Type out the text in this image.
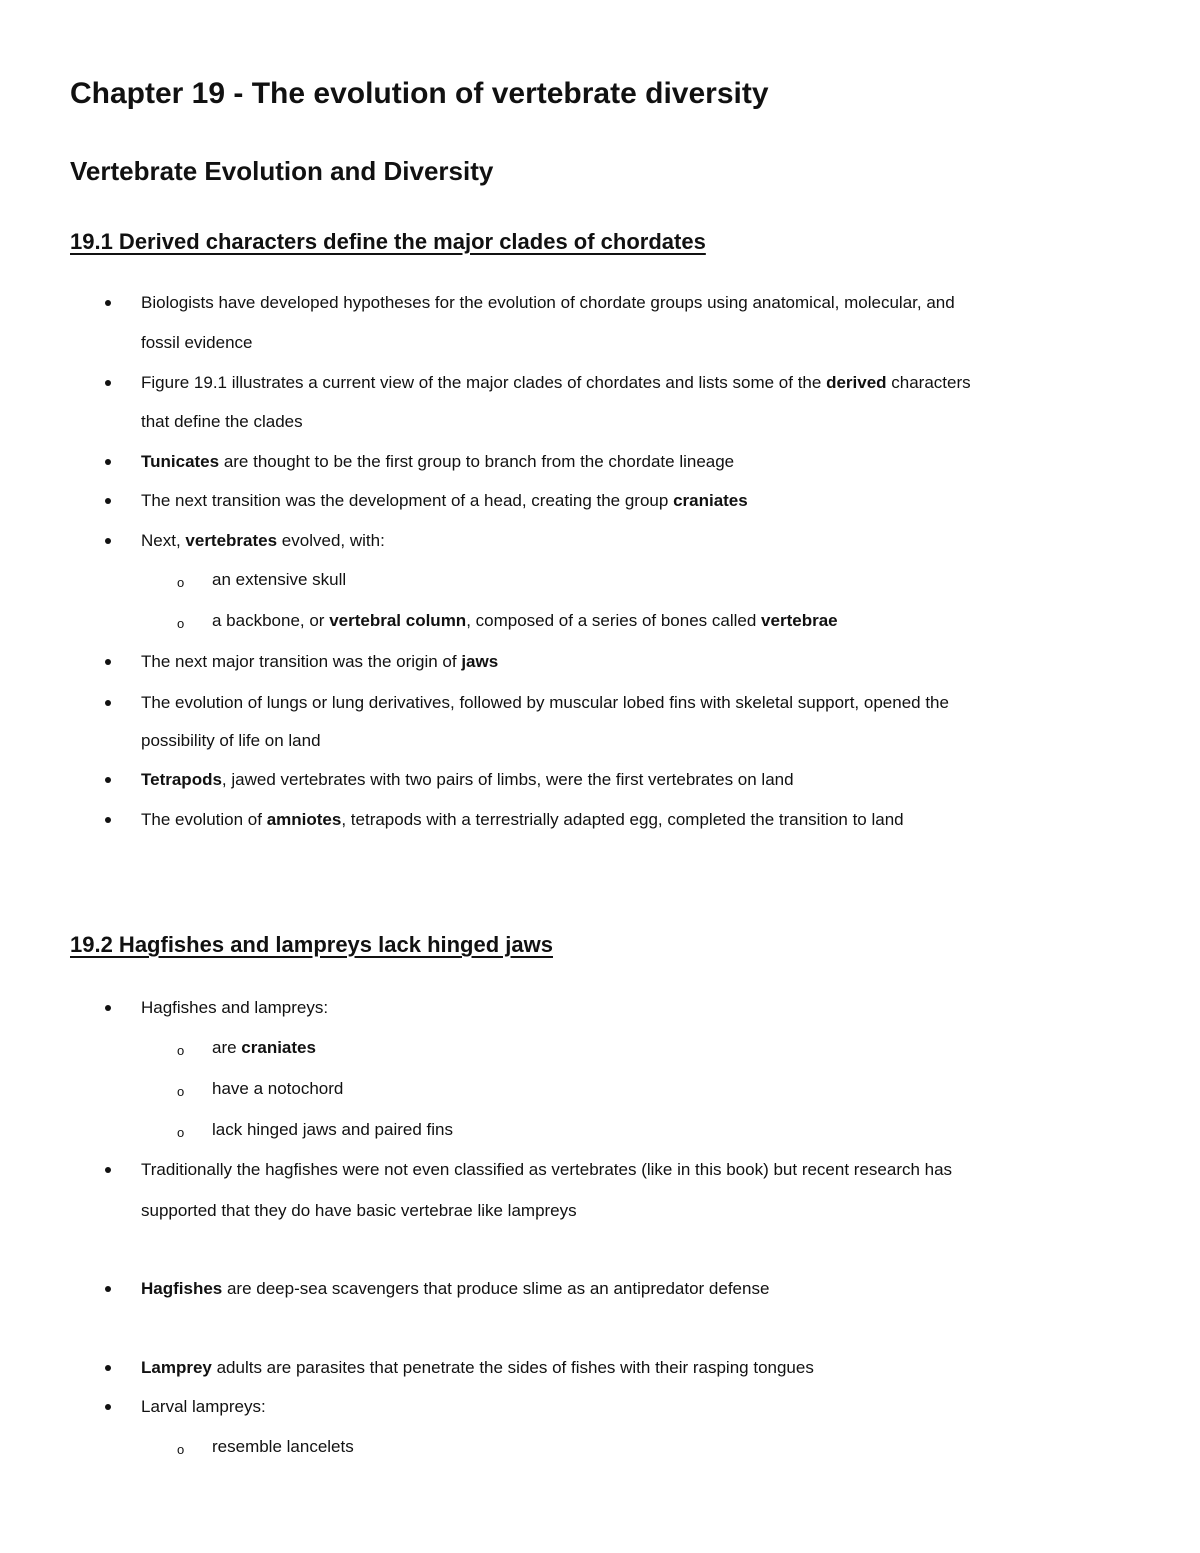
Chapter 19 - The evolution of vertebrate diversity
Vertebrate Evolution and Diversity
19.1 Derived characters define the major clades of chordates

Biologists have developed hypotheses for the evolution of chordate groups using anatomical, molecular, and

fossil evidence

Figure 19.1 illustrates a current view of the major clades of chordates and lists some of the derived characters

that define the clades

Tunicates are thought to be the first group to branch from the chordate lineage

The next transition was the development of a head, creating the group craniates

Next, vertebrates evolved, with:

o an extensive skull

o a backbone, or vertebral column, composed of a series of bones called vertebrae

The next major transition was the origin of jaws

The evolution of lungs or lung derivatives, followed by muscular lobed fins with skeletal support, opened the

possibility of life on land

Tetrapods, jawed vertebrates with two pairs of limbs, were the first vertebrates on land

The evolution of amniotes, tetrapods with a terrestrially adapted egg, completed the transition to land

19.2 Hagfishes and lampreys lack hinged jaws

Hagfishes and lampreys:

o are craniates

o have a notochord

o lack hinged jaws and paired fins

Traditionally the hagfishes were not even classified as vertebrates (like in this book) but recent research has

supported that they do have basic vertebrae like lampreys

Hagfishes are deep-sea scavengers that produce slime as an antipredator defense

Lamprey adults are parasites that penetrate the sides of fishes with their rasping tongues

Larval lampreys:

o resemble lancelets
